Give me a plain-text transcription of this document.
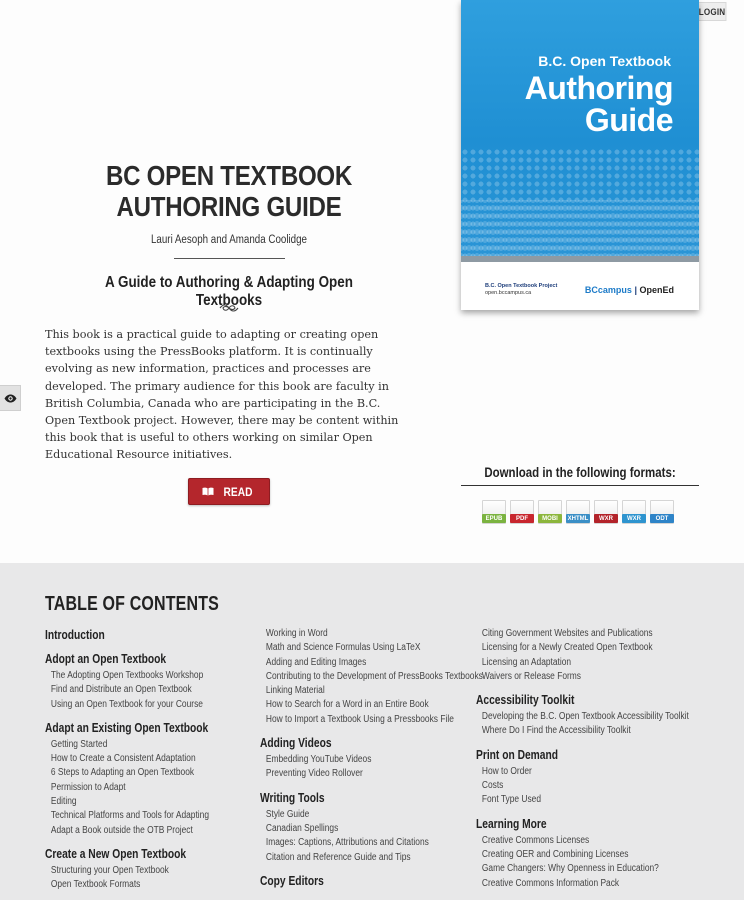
LOGIN
BC OPEN TEXTBOOK AUTHORING GUIDE
Lauri Aesoph and Amanda Coolidge
A Guide to Authoring & Adapting Open Textbooks

This book is a practical guide to adapting or creating open textbooks using the PressBooks platform. It is continually evolving as new information, practices and processes are developed. The primary audience for this book are faculty in British Columbia, Canada who are participating in the B.C. Open Textbook project. However, there may be content within this book that is useful to others working on similar Open Educational Resource initiatives.

READ
B.C. Open Textbook
Authoring
Guide
B.C. Open Textbook Project
open.bccampus.ca	BCcampus | OpenEd
Download in the following formats:
EPUB	PDF	MOBI	XHTML	WXR	WXR	ODT
TABLE OF CONTENTS
Introduction
Adopt an Open Textbook
The Adopting Open Textbooks Workshop
Find and Distribute an Open Textbook
Using an Open Textbook for your Course
Adapt an Existing Open Textbook
Getting Started
How to Create a Consistent Adaptation
6 Steps to Adapting an Open Textbook
Permission to Adapt
Editing
Technical Platforms and Tools for Adapting
Adapt a Book outside the OTB Project
Create a New Open Textbook
Structuring your Open Textbook
Open Textbook Formats
Working in Word
Math and Science Formulas Using LaTeX
Adding and Editing Images
Contributing to the Development of PressBooks Textbooks
Linking Material
How to Search for a Word in an Entire Book
How to Import a Textbook Using a Pressbooks File
Adding Videos
Embedding YouTube Videos
Preventing Video Rollover
Writing Tools
Style Guide
Canadian Spellings
Images: Captions, Attributions and Citations
Citation and Reference Guide and Tips
Copy Editors
Citing Government Websites and Publications
Licensing for a Newly Created Open Textbook
Licensing an Adaptation
Waivers or Release Forms
Accessibility Toolkit
Developing the B.C. Open Textbook Accessibility Toolkit
Where Do I Find the Accessibility Toolkit
Print on Demand
How to Order
Costs
Font Type Used
Learning More
Creative Commons Licenses
Creating OER and Combining Licenses
Game Changers: Why Openness in Education?
Creative Commons Information Pack
